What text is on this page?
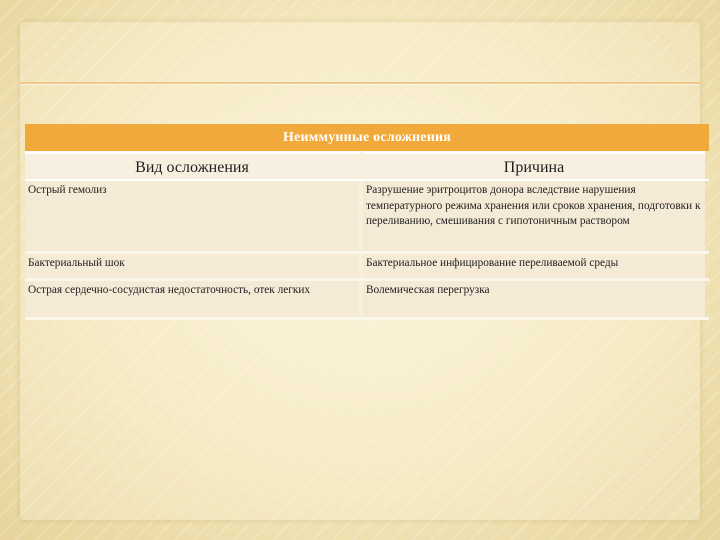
Неиммунные осложнения
Вид осложнения	Причина
Острый гемолиз	Разрушение эритроцитов донора вследствие нарушения температурного режима хранения или сроков хранения, подготовки к переливанию, смешивания с гипотоничным раствором
Бактериальный шок	Бактериальное инфицирование переливаемой среды
Острая сердечно-сосудистая недостаточность, отек легких	Волемическая перегрузка
